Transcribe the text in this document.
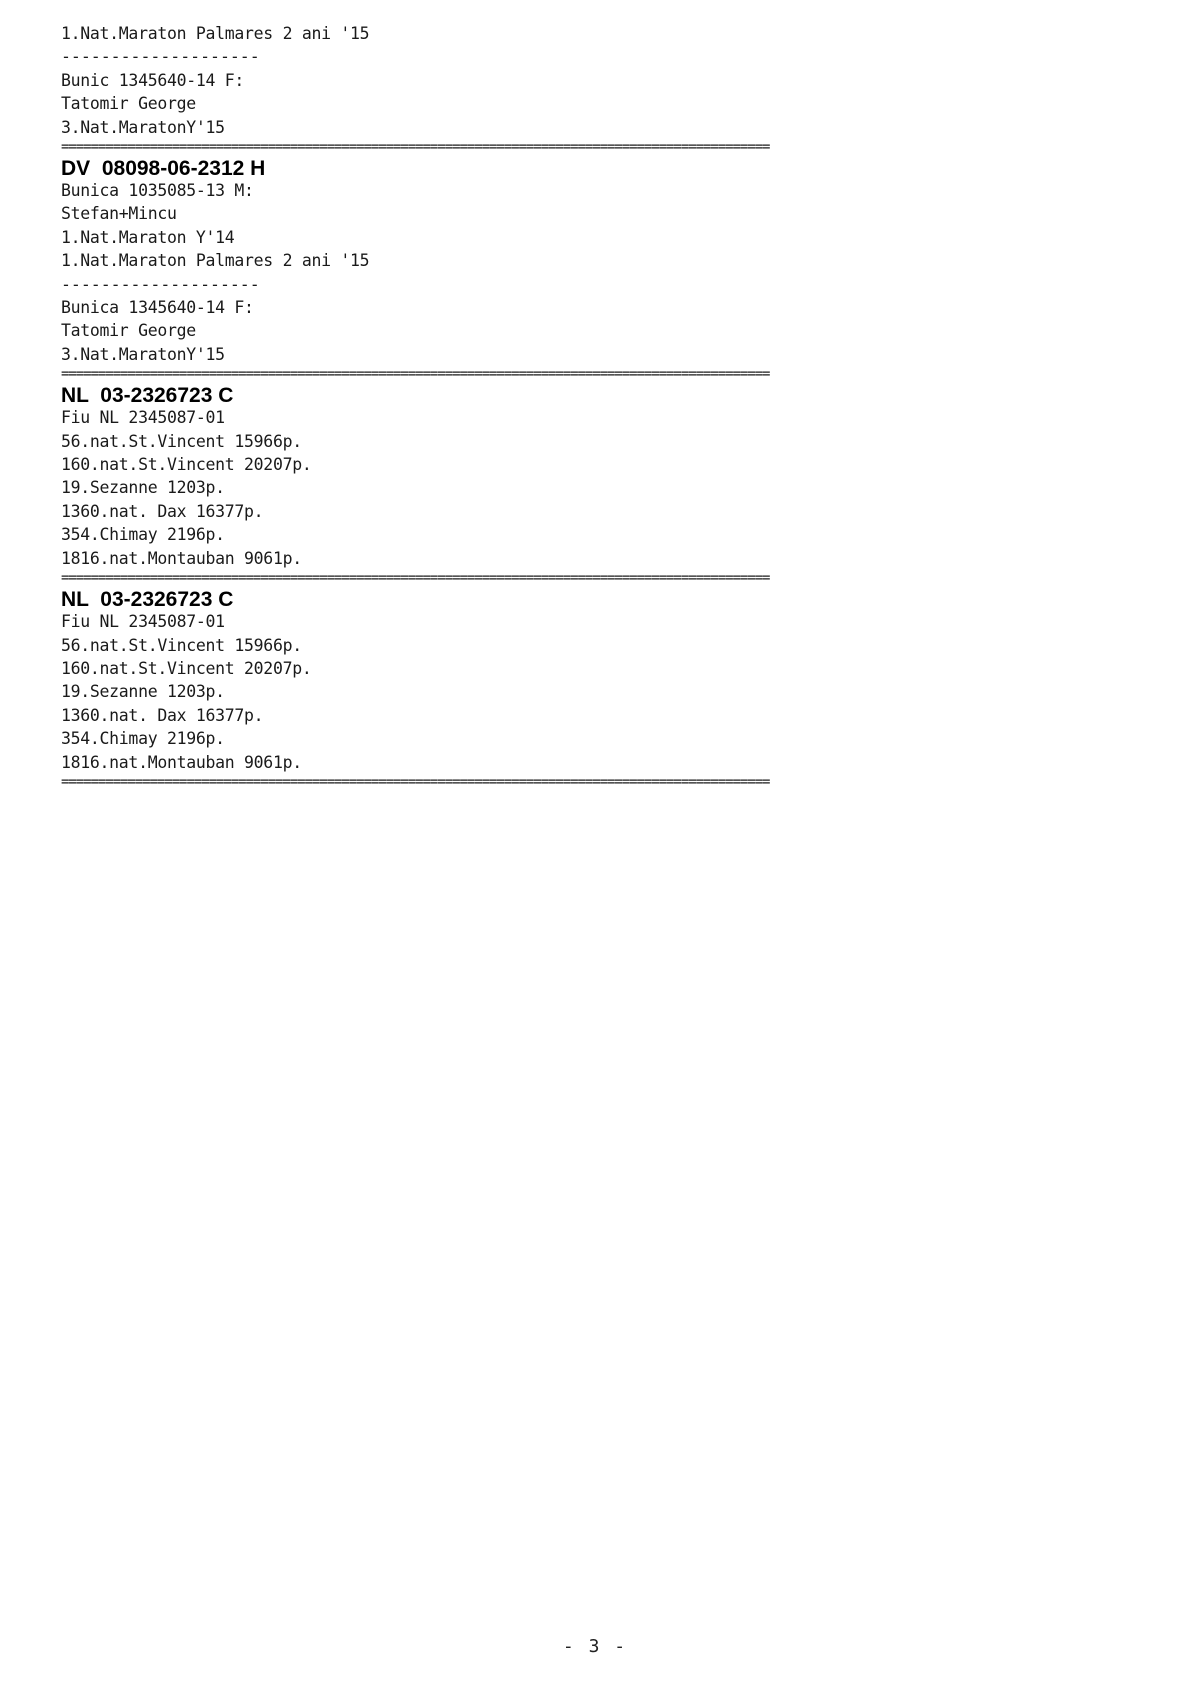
1.Nat.Maraton Palmares 2 ani '15
--------------------
Bunic 1345640-14 F:
Tatomir George
3.Nat.MaratonY'15
================================================================================================
DV  08098-06-2312 H
Bunica 1035085-13 M:
Stefan+Mincu
1.Nat.Maraton Y'14
1.Nat.Maraton Palmares 2 ani '15
--------------------
Bunica 1345640-14 F:
Tatomir George
3.Nat.MaratonY'15
================================================================================================
NL  03-2326723 C
Fiu NL 2345087-01
56.nat.St.Vincent 15966p.
160.nat.St.Vincent 20207p.
19.Sezanne 1203p.
1360.nat. Dax 16377p.
354.Chimay 2196p.
1816.nat.Montauban 9061p.
================================================================================================
NL  03-2326723 C
Fiu NL 2345087-01
56.nat.St.Vincent 15966p.
160.nat.St.Vincent 20207p.
19.Sezanne 1203p.
1360.nat. Dax 16377p.
354.Chimay 2196p.
1816.nat.Montauban 9061p.
================================================================================================
- 3 -
